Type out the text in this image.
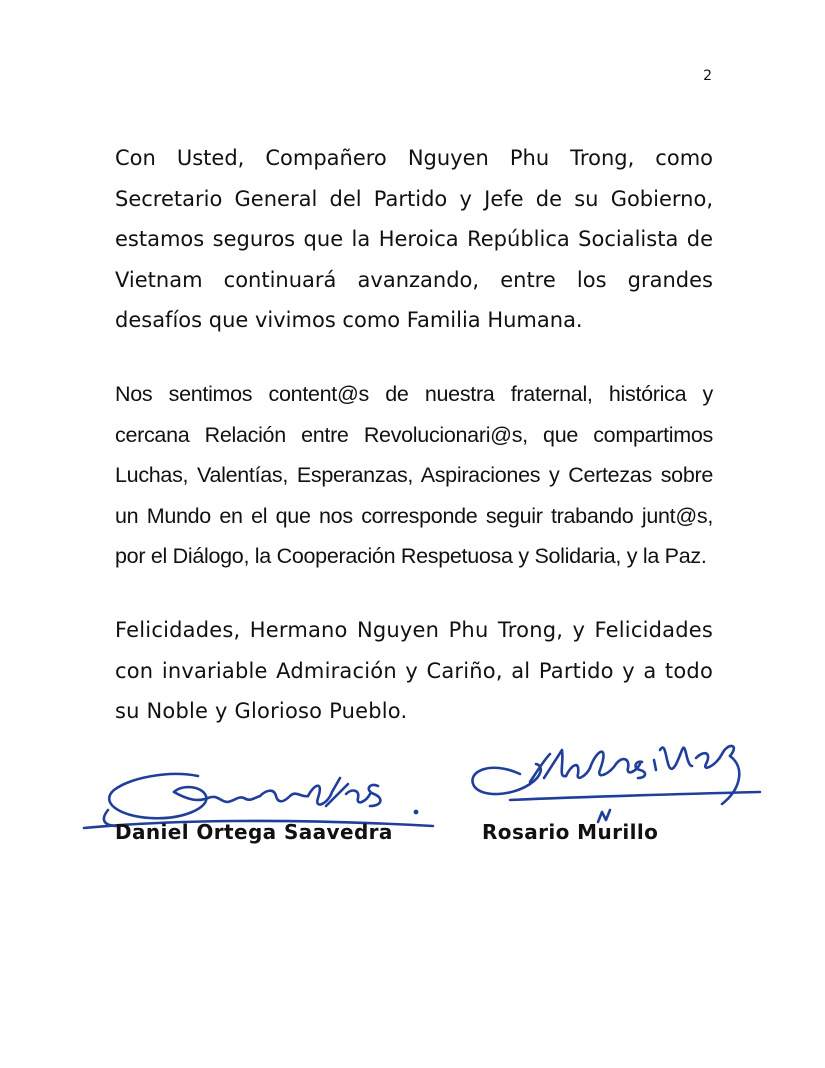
2

Con Usted, Compañero Nguyen Phu Trong, como Secretario General del Partido y Jefe de su Gobierno, estamos seguros que la Heroica República Socialista de Vietnam continuará avanzando, entre los grandes desafíos que vivimos como Familia Humana.

Nos sentimos content@s de nuestra fraternal, histórica y cercana Relación entre Revolucionari@s, que compartimos Luchas, Valentías, Esperanzas, Aspiraciones y Certezas sobre un Mundo en el que nos corresponde seguir trabando junt@s, por el Diálogo, la Cooperación Respetuosa y Solidaria, y la Paz.

Felicidades, Hermano Nguyen Phu Trong, y Felicidades con invariable Admiración y Cariño, al Partido y a todo su Noble y Glorioso Pueblo.

Daniel Ortega Saavedra	Rosario Murillo
